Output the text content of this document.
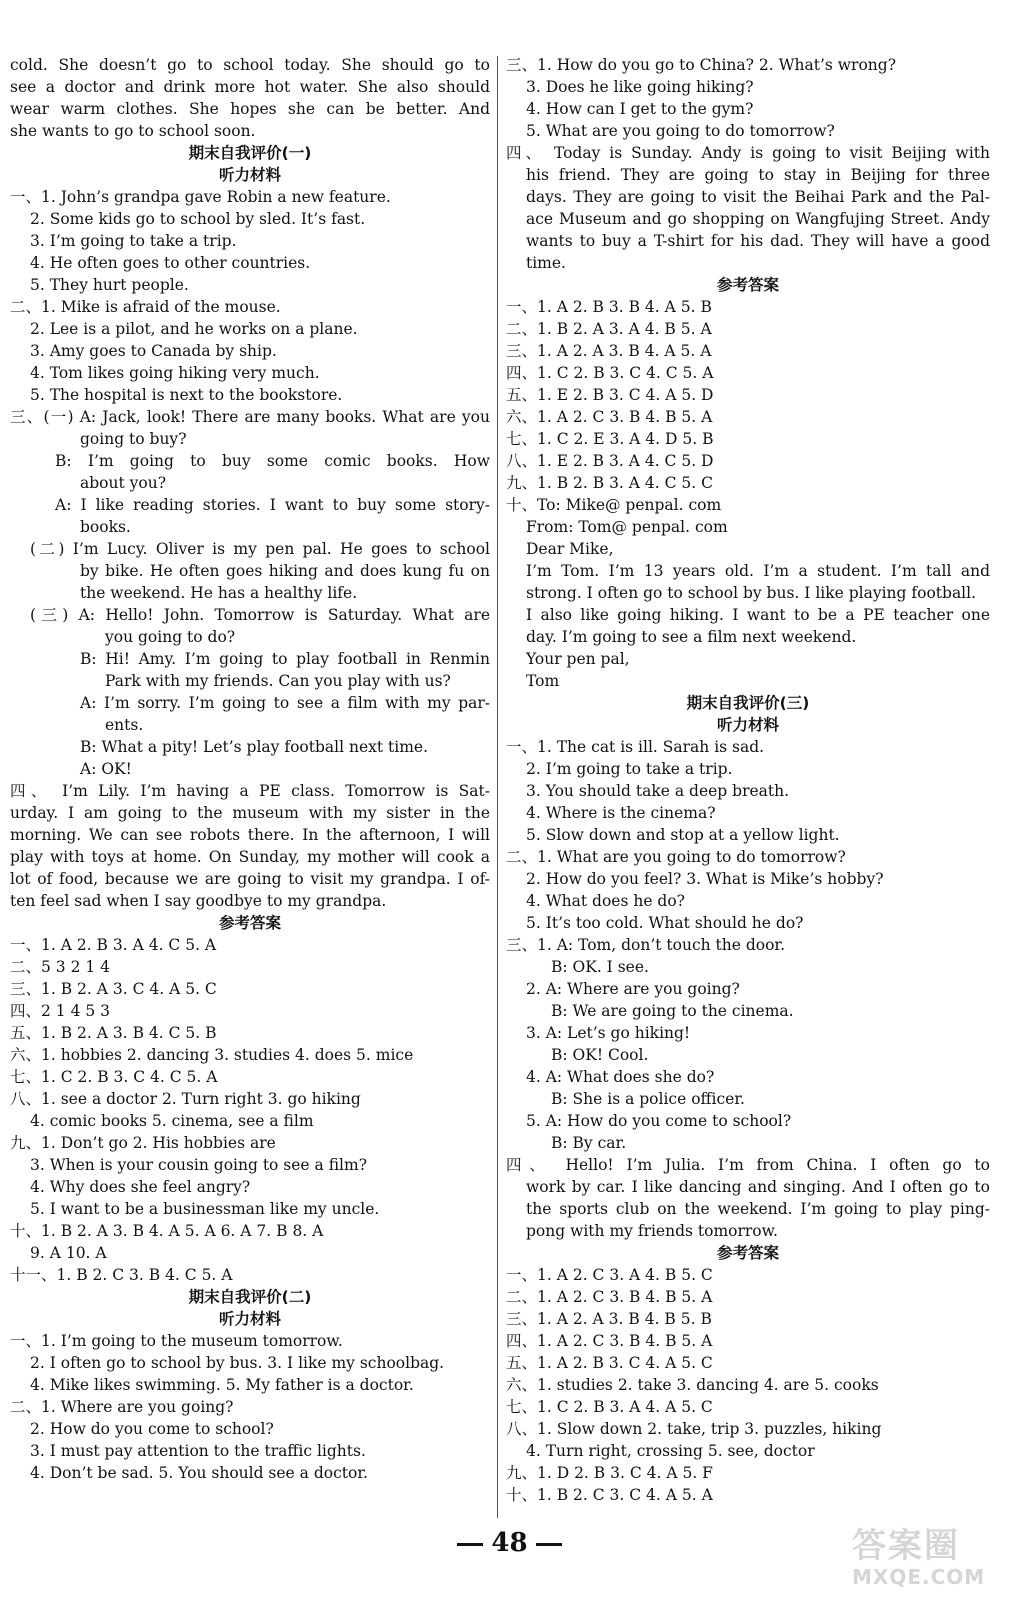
cold. She doesn’t go to school today. She should go to
see a doctor and drink more hot water. She also should
wear warm clothes. She hopes she can be better. And
she wants to go to school soon.
期末自我评价(一)
听力材料
一、1. John’s grandpa gave Robin a new feature.
2. Some kids go to school by sled. It’s fast.
3. I’m going to take a trip.
4. He often goes to other countries.
5. They hurt people.
二、1. Mike is afraid of the mouse.
2. Lee is a pilot, and he works on a plane.
3. Amy goes to Canada by ship.
4. Tom likes going hiking very much.
5. The hospital is next to the bookstore.
三、(一) A: Jack, look! There are many books. What are you
going to buy?
B: I’m going to buy some comic books. How
about you?
A: I like reading stories. I want to buy some story-
books.
(二) I’m Lucy. Oliver is my pen pal. He goes to school
by bike. He often goes hiking and does kung fu on
the weekend. He has a healthy life.
(三) A: Hello! John. Tomorrow is Saturday. What are
you going to do?
B: Hi! Amy. I’m going to play football in Renmin
Park with my friends. Can you play with us?
A: I’m sorry. I’m going to see a film with my par-
ents.
B: What a pity! Let’s play football next time.
A: OK!
四、 I’m Lily. I’m having a PE class. Tomorrow is Sat-
urday. I am going to the museum with my sister in the
morning. We can see robots there. In the afternoon, I will
play with toys at home. On Sunday, my mother will cook a
lot of food, because we are going to visit my grandpa. I of-
ten feel sad when I say goodbye to my grandpa.
参考答案
一、1. A 2. B 3. A 4. C 5. A
二、5 3 2 1 4
三、1. B 2. A 3. C 4. A 5. C
四、2 1 4 5 3
五、1. B 2. A 3. B 4. C 5. B
六、1. hobbies 2. dancing 3. studies 4. does 5. mice
七、1. C 2. B 3. C 4. C 5. A
八、1. see a doctor 2. Turn right 3. go hiking
4. comic books 5. cinema, see a film
九、1. Don’t go 2. His hobbies are
3. When is your cousin going to see a film?
4. Why does she feel angry?
5. I want to be a businessman like my uncle.
十、1. B 2. A 3. B 4. A 5. A 6. A 7. B 8. A
9. A 10. A
十一、1. B 2. C 3. B 4. C 5. A
期末自我评价(二)
听力材料
一、1. I’m going to the museum tomorrow.
2. I often go to school by bus. 3. I like my schoolbag.
4. Mike likes swimming. 5. My father is a doctor.
二、1. Where are you going?
2. How do you come to school?
3. I must pay attention to the traffic lights.
4. Don’t be sad. 5. You should see a doctor.
三、1. How do you go to China? 2. What’s wrong?
3. Does he like going hiking?
4. How can I get to the gym?
5. What are you going to do tomorrow?
四、 Today is Sunday. Andy is going to visit Beijing with
his friend. They are going to stay in Beijing for three
days. They are going to visit the Beihai Park and the Pal-
ace Museum and go shopping on Wangfujing Street. Andy
wants to buy a T-shirt for his dad. They will have a good
time.
参考答案
一、1. A 2. B 3. B 4. A 5. B
二、1. B 2. A 3. A 4. B 5. A
三、1. A 2. A 3. B 4. A 5. A
四、1. C 2. B 3. C 4. C 5. A
五、1. E 2. B 3. C 4. A 5. D
六、1. A 2. C 3. B 4. B 5. A
七、1. C 2. E 3. A 4. D 5. B
八、1. E 2. B 3. A 4. C 5. D
九、1. B 2. B 3. A 4. C 5. C
十、To: Mike@ penpal. com
From: Tom@ penpal. com
Dear Mike,
I’m Tom. I’m 13 years old. I’m a student. I’m tall and
strong. I often go to school by bus. I like playing football.
I also like going hiking. I want to be a PE teacher one
day. I’m going to see a film next weekend.
Your pen pal,
Tom
期末自我评价(三)
听力材料
一、1. The cat is ill. Sarah is sad.
2. I’m going to take a trip.
3. You should take a deep breath.
4. Where is the cinema?
5. Slow down and stop at a yellow light.
二、1. What are you going to do tomorrow?
2. How do you feel? 3. What is Mike’s hobby?
4. What does he do?
5. It’s too cold. What should he do?
三、1. A: Tom, don’t touch the door.
B: OK. I see.
2. A: Where are you going?
B: We are going to the cinema.
3. A: Let’s go hiking!
B: OK! Cool.
4. A: What does she do?
B: She is a police officer.
5. A: How do you come to school?
B: By car.
四、 Hello! I’m Julia. I’m from China. I often go to
work by car. I like dancing and singing. And I often go to
the sports club on the weekend. I’m going to play ping-
pong with my friends tomorrow.
参考答案
一、1. A 2. C 3. A 4. B 5. C
二、1. A 2. C 3. B 4. B 5. A
三、1. A 2. A 3. B 4. B 5. B
四、1. A 2. C 3. B 4. B 5. A
五、1. A 2. B 3. C 4. A 5. C
六、1. studies 2. take 3. dancing 4. are 5. cooks
七、1. C 2. B 3. A 4. A 5. C
八、1. Slow down 2. take, trip 3. puzzles, hiking
4. Turn right, crossing 5. see, doctor
九、1. D 2. B 3. C 4. A 5. F
十、1. B 2. C 3. C 4. A 5. A
48	答案圈
MXQE.COM
